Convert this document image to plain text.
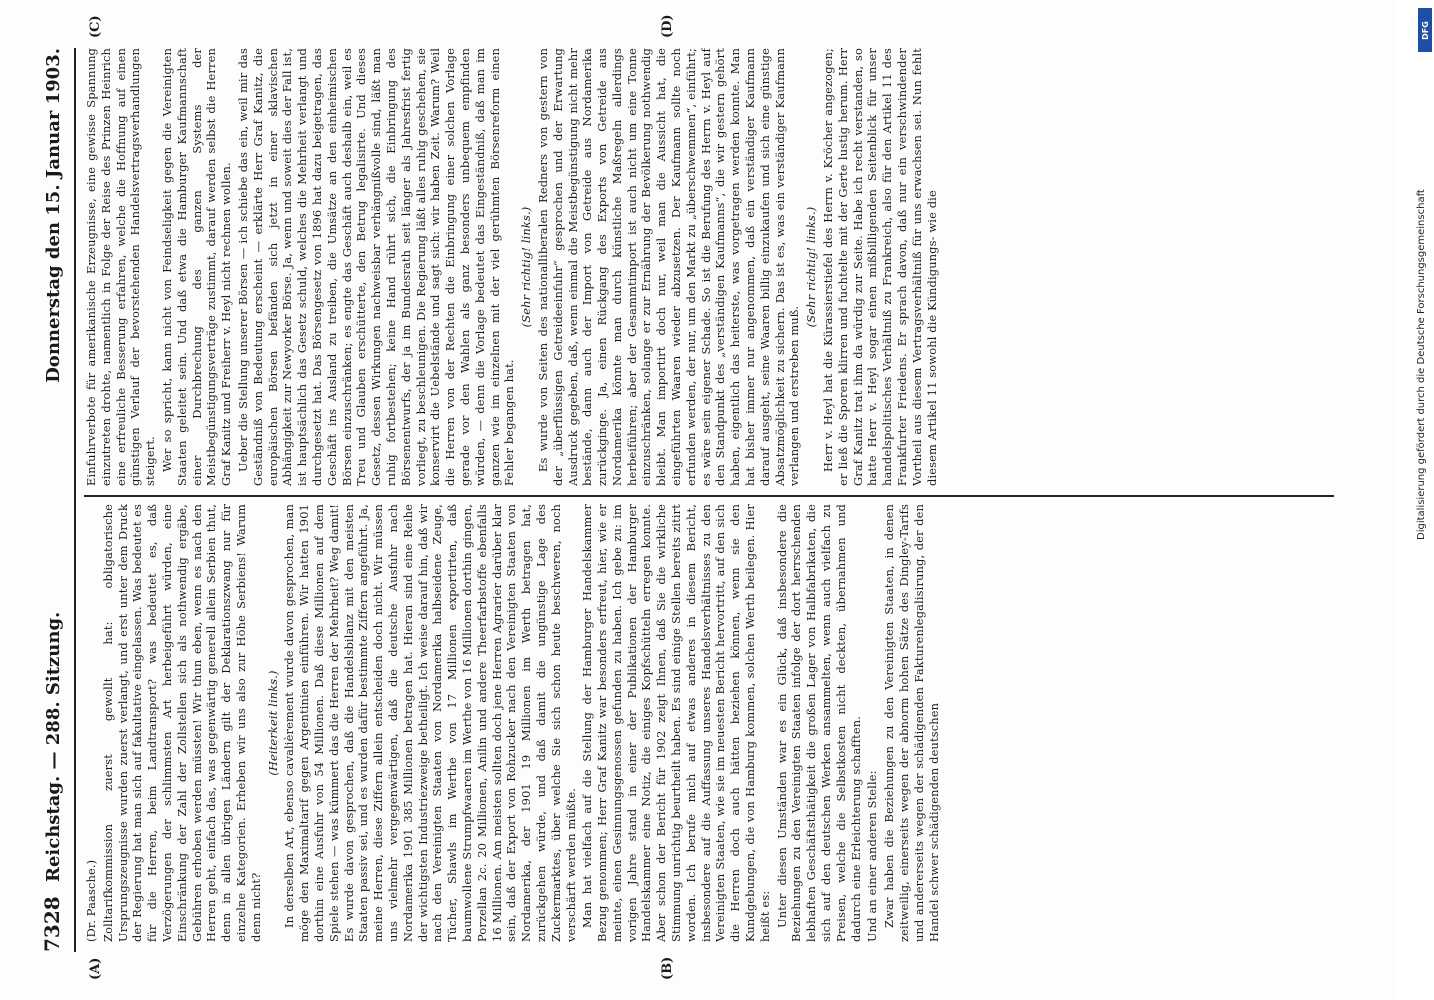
7328
Reichstag. — 288. Sitzung.
Donnerstag den 15. Januar 1903.
(A)	(B)
(C)	(D)

(Dr. Paasche.) Zolltarifkommission zuerst gewollt hat: obligatorische Ursprungszeugnisse wurden zuerst verlangt, und erst unter dem Druck der Regierung hat man sich auf fakultative eingelassen. Was bedeutet es für die Herren, beim Landtransport? was bedeutet es, daß Verzögerungen der schlimmsten Art herbeigeführt würden, eine Einschränkung der Zahl der Zollstellen sich als nothwendig ergäbe, Gebühren erhoben werden müssten! Wir thun eben, wenn es nach den Herren geht, einfach das, was gegenwärtig generell allein Serbien thut, denn in allen übrigen Ländern gilt der Deklarationszwang nur für einzelne Kategorien. Erheben wir uns also zur Höhe Serbiens! Warum denn nicht?

(Heiterkeit links.) In derselben Art, ebenso cavalièrement wurde davon gesprochen, man möge den Maximaltarif gegen Argentinien einführen. Wir hatten 1901 dorthin eine Ausfuhr von 54 Millionen. Daß diese Millionen auf dem Spiele stehen — was kümmert das die Herren der Mehrheit? Weg damit! Es wurde davon gesprochen, daß die Handelsbilanz mit den meisten Staaten passiv sei, und es wurden dafür bestimmte Ziffern angeführt. Ja, meine Herren, diese Ziffern allein entscheiden doch nicht. Wir müssen uns vielmehr vergegenwärtigen, daß die deutsche Ausfuhr nach Nordamerika 1901 385 Millionen betragen hat. Hieran sind eine Reihe der wichtigsten Industriezweige betheiligt. Ich weise darauf hin, daß wir nach den Vereinigten Staaten von Nordamerika halbseidene Zeuge, Tücher, Shawls im Werthe von 17 Millionen exportirten, daß baumwollene Strumpfwaaren im Werthe von 16 Millionen dorthin gingen, Porzellan 2c. 20 Millionen, Anilin und andere Theerfarbstoffe ebenfalls 16 Millionen. Am meisten sollten doch jene Herren Agrarier darüber klar sein, daß der Export von Rohzucker nach den Vereinigten Staaten von Nordamerika, der 1901 19 Millionen im Werth betragen hat, zurückgehen würde, und daß damit die ungünstige Lage des Zuckermarktes, über welche Sie sich schon heute beschweren, noch verschärft werden müßte. Man hat vielfach auf die Stellung der Hamburger Handelskammer Bezug genommen; Herr Graf Kanitz war besonders erfreut, hier, wie er meinte, einen Gesinnungsgenossen gefunden zu haben. Ich gebe zu: im vorigen Jahre stand in einer der Publikationen der Hamburger Handelskammer eine Notiz, die einiges Kopfschütteln erregen konnte. Aber schon der Bericht für 1902 zeigt Ihnen, daß Sie die wirkliche Stimmung unrichtig beurtheilt haben. Es sind einige Stellen bereits zitirt worden. Ich berufe mich auf etwas anderes in diesem Bericht, insbesondere auf die Auffassung unseres Handelsverhältnisses zu den Vereinigten Staaten, wie sie im neuesten Bericht hervortritt, auf den sich die Herren doch auch hätten beziehen können, wenn sie den Kundgebungen, die von Hamburg kommen, solchen Werth beilegen. Hier heißt es: Unter diesen Umständen war es ein Glück, daß insbesondere die Beziehungen zu den Vereinigten Staaten infolge der dort herrschenden lebhaften Geschäftsthätigkeit die großen Lager von Halbfabrikaten, die sich auf den deutschen Werken ansammelten, wenn auch vielfach zu Preisen, welche die Selbstkosten nicht deckten, übernahmen und dadurch eine Erleichterung schafften. Und an einer anderen Stelle: Zwar haben die Beziehungen zu den Vereinigten Staaten, in denen zeitweilig, einerseits wegen der abnorm hohen Sätze des Dingley-Tarifs und andererseits wegen der schädigenden Fakturenlegalisirung, der den Handel schwer schädigenden deutschen

Einfuhrverbote für amerikanische Erzeugnisse, eine gewisse Spannung einzutreten drohte, namentlich in Folge der Reise des Prinzen Heinrich eine erfreuliche Besserung erfahren, welche die Hoffnung auf einen günstigen Verlauf der bevorstehenden Handelsvertragsverhandlungen steigert. Wer so spricht, kann nicht von Feindseligkeit gegen die Vereinigten Staaten geleitet sein. Und daß etwa die Hamburger Kaufmannschaft einer Durchbrechung des ganzen Systems der Meistbegünstigungsverträge zustimmt, darauf werden selbst die Herren Graf Kanitz und Freiherr v. Heyl nicht rechnen wollen. Ueber die Stellung unserer Börsen — ich schiebe das ein, weil mir das Geständniß von Bedeutung erscheint — erklärte Herr Graf Kanitz, die europäischen Börsen befänden sich jetzt in einer sklavischen Abhängigkeit zur Newyorker Börse. Ja, wenn und soweit dies der Fall ist, ist hauptsächlich das Gesetz schuld, welches die Mehrheit verlangt und durchgesetzt hat. Das Börsengesetz von 1896 hat dazu beigetragen, das Geschäft ins Ausland zu treiben, die Umsätze an den einheimischen Börsen einzuschränken; es engte das Geschäft auch deshalb ein, weil es Treu und Glauben erschütterte, den Betrug legalisirte. Und dieses Gesetz, dessen Wirkungen nachweisbar verhängnißvolle sind, läßt man ruhig fortbestehen; keine Hand rührt sich, die Einbringung des Börsenentwurfs, der ja im Bundesrath seit länger als Jahresfrist fertig vorliegt, zu beschleunigen. Die Regierung läßt alles ruhig geschehen, sie konservirt die Uebelstände und sagt sich: wir haben Zeit. Warum? Weil die Herren von der Rechten die Einbringung einer solchen Vorlage gerade vor den Wahlen als ganz besonders unbequem empfinden würden, — denn die Vorlage bedeutet das Eingeständniß, daß man im ganzen wie im einzelnen mit der viel gerühmten Börsenreform einen Fehler begangen hat.

(Sehr richtig! links.) Es wurde von Seiten des nationalliberalen Redners von gestern von der „überflüssigen Getreideeinfuhr“ gesprochen und der Erwartung Ausdruck gegeben, daß, wenn einmal die Meistbegünstigung nicht mehr bestände, dann auch der Import von Getreide aus Nordamerika zurückginge. Ja, einen Rückgang des Exports von Getreide aus Nordamerika könnte man durch künstliche Maßregeln allerdings herbeiführen; aber der Gesammtimport ist auch nicht um eine Tonne einzuschränken, solange er zur Ernährung der Bevölkerung nothwendig bleibt. Man importirt doch nur, weil man die Aussicht hat, die eingeführten Waaren wieder abzusetzen. Der Kaufmann sollte noch erfunden werden, der nur, um den Markt zu „überschwemmen“, einführt; es wäre sein eigener Schade. So ist die Berufung des Herrn v. Heyl auf den Standpunkt des „verständigen Kaufmanns“, die wir gestern gehört haben, eigentlich das heiterste, was vorgetragen werden konnte. Man hat bisher immer nur angenommen, daß ein verständiger Kaufmann darauf ausgeht, seine Waaren billig einzukaufen und sich eine günstige Absatzmöglichkeit zu sichern. Das ist es, was ein verständiger Kaufmann verlangen und erstreben muß.

(Sehr richtig! links.) Herr v. Heyl hat die Kürassierstiefel des Herrn v. Kröcher angezogen; er ließ die Sporen klirren und fuchtelte mit der Gerte lustig herum. Herr Graf Kanitz trat ihm da würdig zur Seite. Habe ich recht verstanden, so hatte Herr v. Heyl sogar einen mißbilligenden Seitenblick für unser handelspolitisches Verhältniß zu Frankreich, also für den Artikel 11 des Frankfurter Friedens. Er sprach davon, daß nur ein verschwindender Vortheil aus diesem Vertragsverhältniß für uns erwachsen sei. Nun fehlt diesem Artikel 11 sowohl die Kündigungs- wie die

DFG
Digitalisierung gefördert durch die Deutsche Forschungsgemeinschaft
